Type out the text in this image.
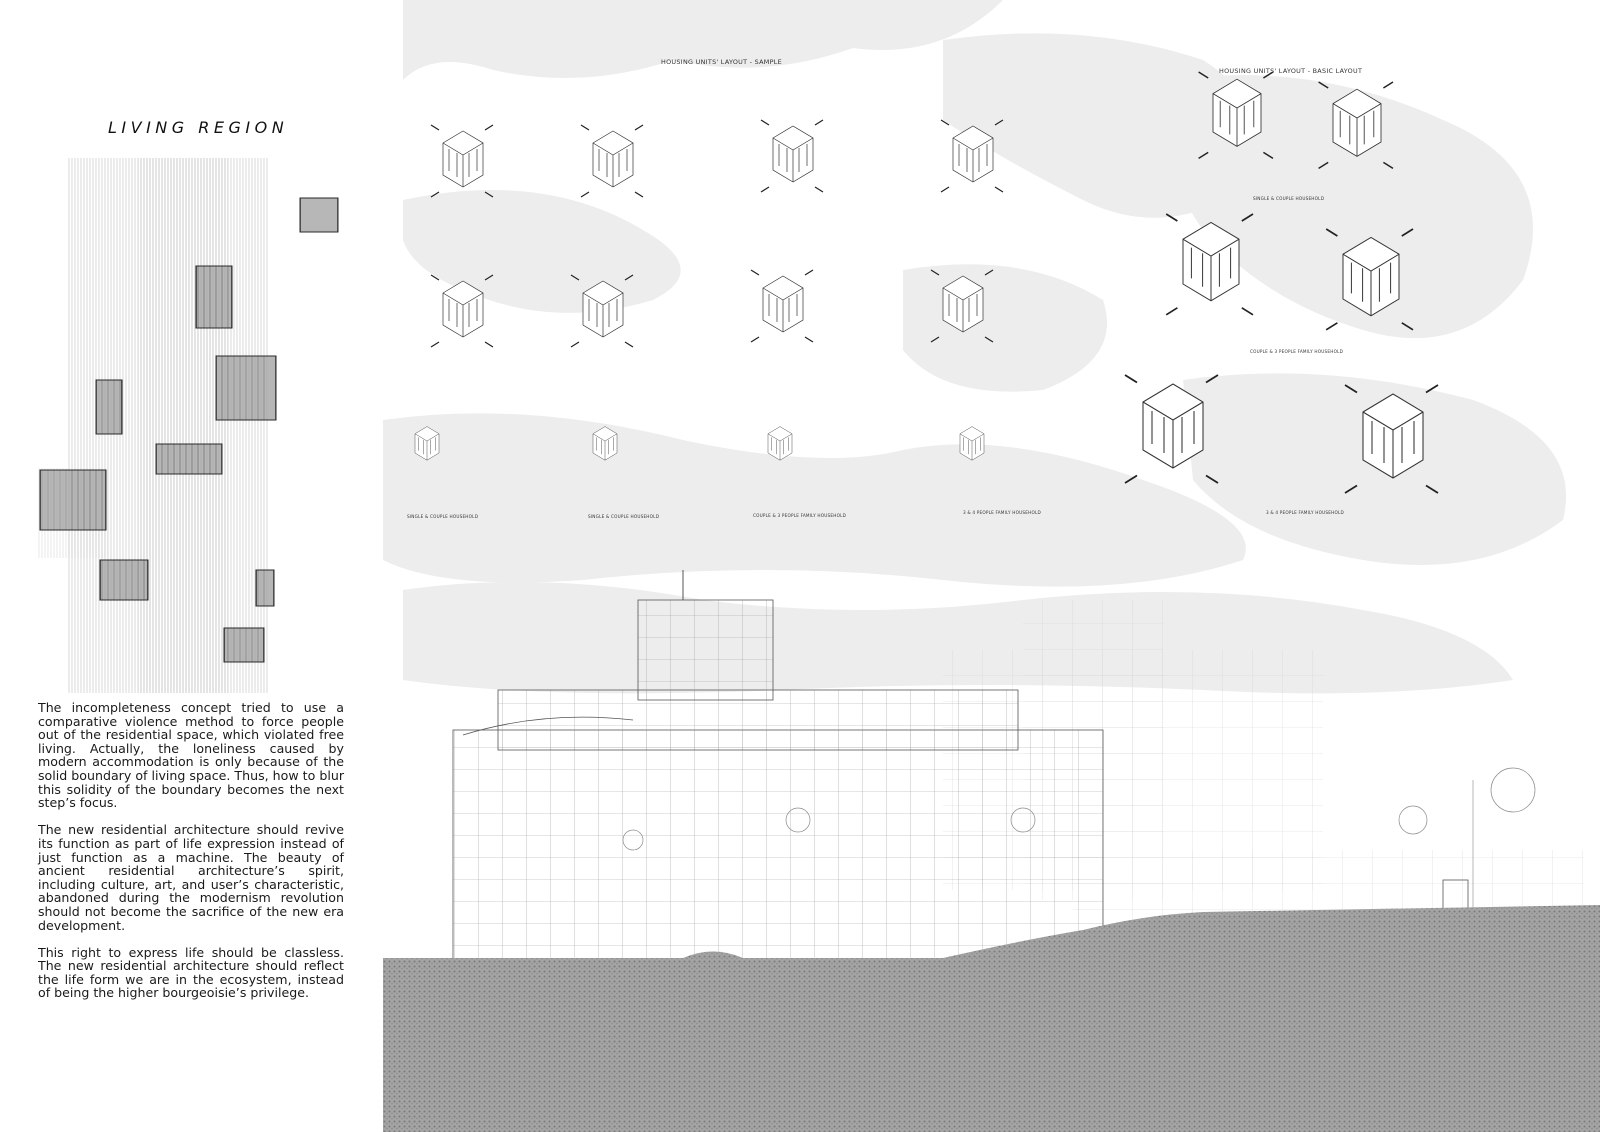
LIVING REGION

The incompleteness concept tried to use a comparative violence method to force people out of the residential space, which violated free living. Actually, the loneliness caused by modern accommodation is only because of the solid boundary of living space. Thus, how to blur this solidity of the boundary becomes the next step’s focus.

The new residential architecture should revive its function as part of life expression instead of just function as a machine. The beauty of ancient residential architecture’s spirit, including culture, art, and user’s characteristic, abandoned during the modernism revolution should not become the sacrifice of the new era development.

This right to express life should be classless. The new residential architecture should reflect the life form we are in the ecosystem, instead of being the higher bourgeoisie’s privilege.

HOUSING UNITS' LAYOUT - SAMPLE
HOUSING UNITS' LAYOUT - BASIC LAYOUT
SINGLE & COUPLE HOUSEHOLD	SINGLE & COUPLE HOUSEHOLD	COUPLE & 3 PEOPLE FAMILY HOUSEHOLD
3 & 4 PEOPLE FAMILY HOUSEHOLD
SINGLE & COUPLE HOUSEHOLD
COUPLE & 3 PEOPLE FAMILY HOUSEHOLD
3 & 4 PEOPLE FAMILY HOUSEHOLD
